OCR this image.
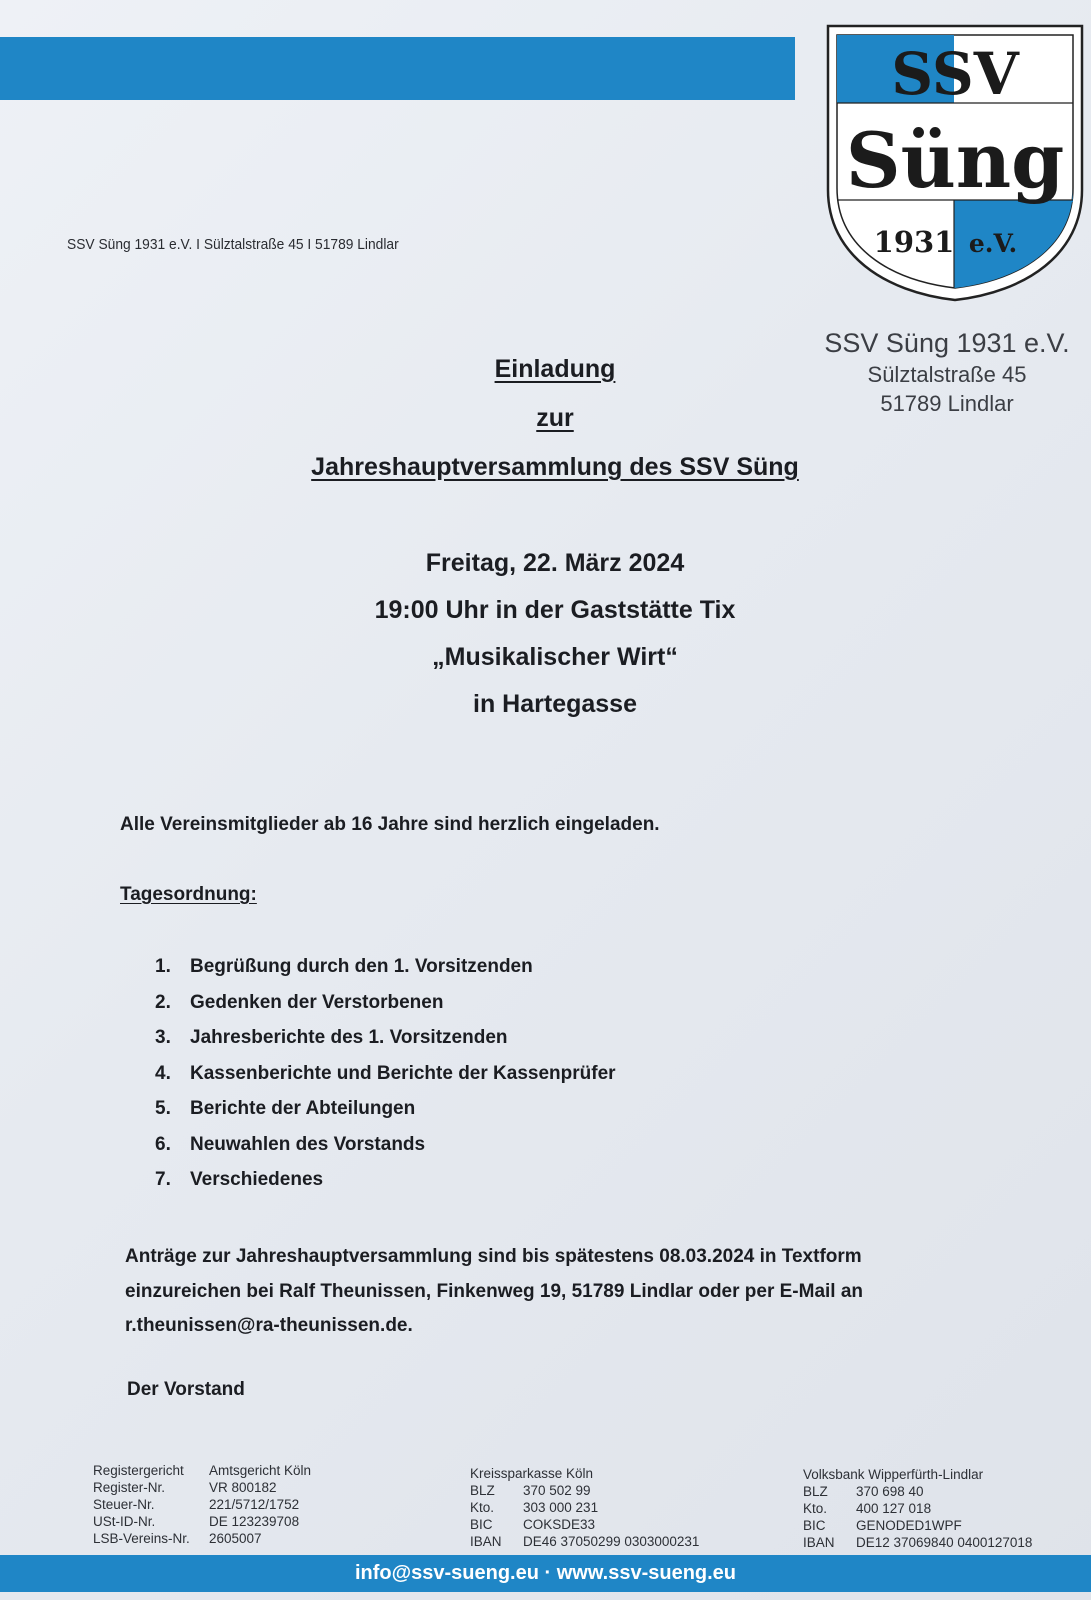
SSV
Süng
1931 e.V.
SSV Süng 1931 e.V. I Sülztalstraße 45 I 51789 Lindlar
SSV Süng 1931 e.V.
Sülztalstraße 45
51789 Lindlar
Einladung
zur
Jahreshauptversammlung des SSV Süng
Freitag, 22. März 2024
19:00 Uhr in der Gaststätte Tix
„Musikalischer Wirt“
in Hartegasse
Alle Vereinsmitglieder ab 16 Jahre sind herzlich eingeladen.
Tagesordnung:
1. Begrüßung durch den 1. Vorsitzenden
2. Gedenken der Verstorbenen
3. Jahresberichte des 1. Vorsitzenden
4. Kassenberichte und Berichte der Kassenprüfer
5. Berichte der Abteilungen
6. Neuwahlen des Vorstands
7. Verschiedenes
Anträge zur Jahreshauptversammlung sind bis spätestens 08.03.2024 in Textform
einzureichen bei Ralf Theunissen, Finkenweg 19, 51789 Lindlar oder per E-Mail an
r.theunissen@ra-theunissen.de.
Der Vorstand
Registergericht Amtsgericht Köln
Register-Nr.	VR 800182
Steuer-Nr.	221/5712/1752
USt-ID-Nr.	DE 123239708
LSB-Vereins-Nr. 2605007
Kreissparkasse Köln
BLZ 370 502 99
Kto. 303 000 231
BIC COKSDE33
IBAN DE46 37050299 0303000231
Volksbank Wipperfürth-Lindlar
BLZ 370 698 40
Kto. 400 127 018
BIC GENODED1WPF
IBAN DE12 37069840 0400127018
info@ssv-sueng.eu · www.ssv-sueng.eu
